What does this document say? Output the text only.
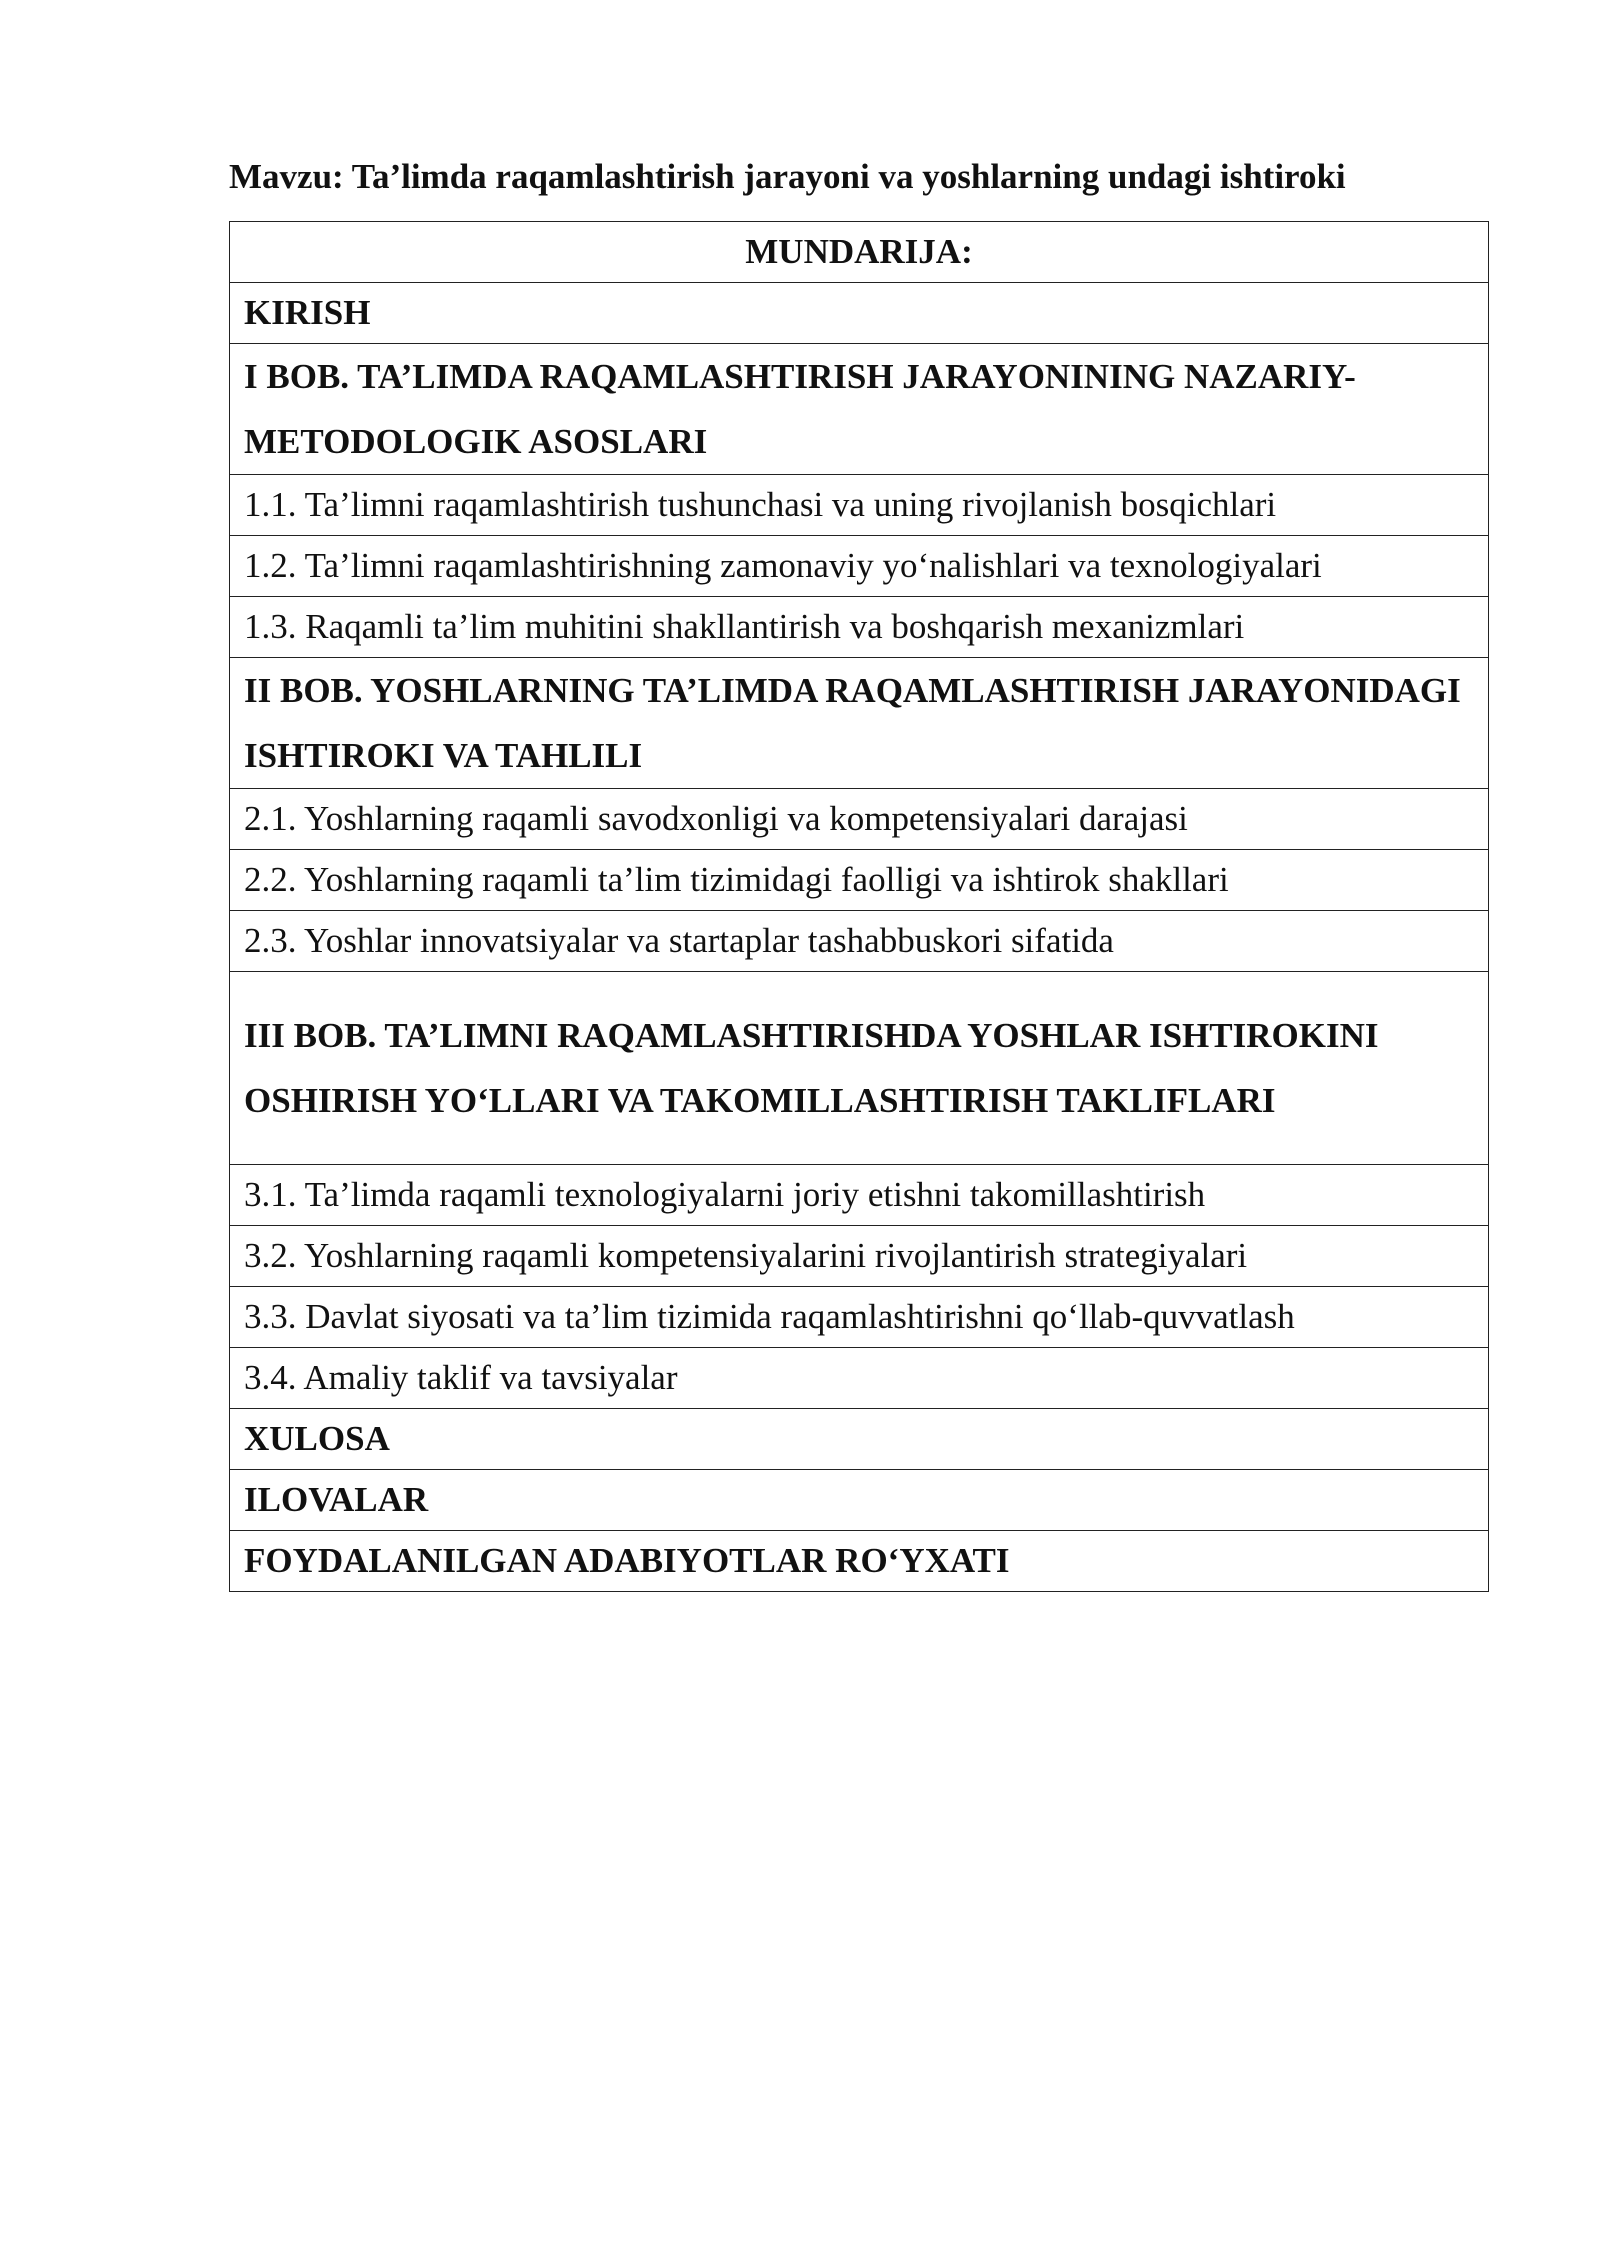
Mavzu: Ta’limda raqamlashtirish jarayoni va yoshlarning undagi ishtiroki
MUNDARIJA:
KIRISH
I BOB. TA’LIMDA RAQAMLASHTIRISH JARAYONINING NAZARIY-METODOLOGIK ASOSLARI
1.1. Ta’limni raqamlashtirish tushunchasi va uning rivojlanish bosqichlari
1.2. Ta’limni raqamlashtirishning zamonaviy yo‘nalishlari va texnologiyalari
1.3. Raqamli ta’lim muhitini shakllantirish va boshqarish mexanizmlari
II BOB. YOSHLARNING TA’LIMDA RAQAMLASHTIRISH JARAYONIDAGI ISHTIROKI VA TAHLILI
2.1. Yoshlarning raqamli savodxonligi va kompetensiyalari darajasi
2.2. Yoshlarning raqamli ta’lim tizimidagi faolligi va ishtirok shakllari
2.3. Yoshlar innovatsiyalar va startaplar tashabbuskori sifatida
III BOB. TA’LIMNI RAQAMLASHTIRISHDA YOSHLAR ISHTIROKINI OSHIRISH YO‘LLARI VA TAKOMILLASHTIRISH TAKLIFLARI
3.1. Ta’limda raqamli texnologiyalarni joriy etishni takomillashtirish
3.2. Yoshlarning raqamli kompetensiyalarini rivojlantirish strategiyalari
3.3. Davlat siyosati va ta’lim tizimida raqamlashtirishni qo‘llab-quvvatlash
3.4. Amaliy taklif va tavsiyalar
XULOSA
ILOVALAR
FOYDALANILGAN ADABIYOTLAR RO‘YXATI
